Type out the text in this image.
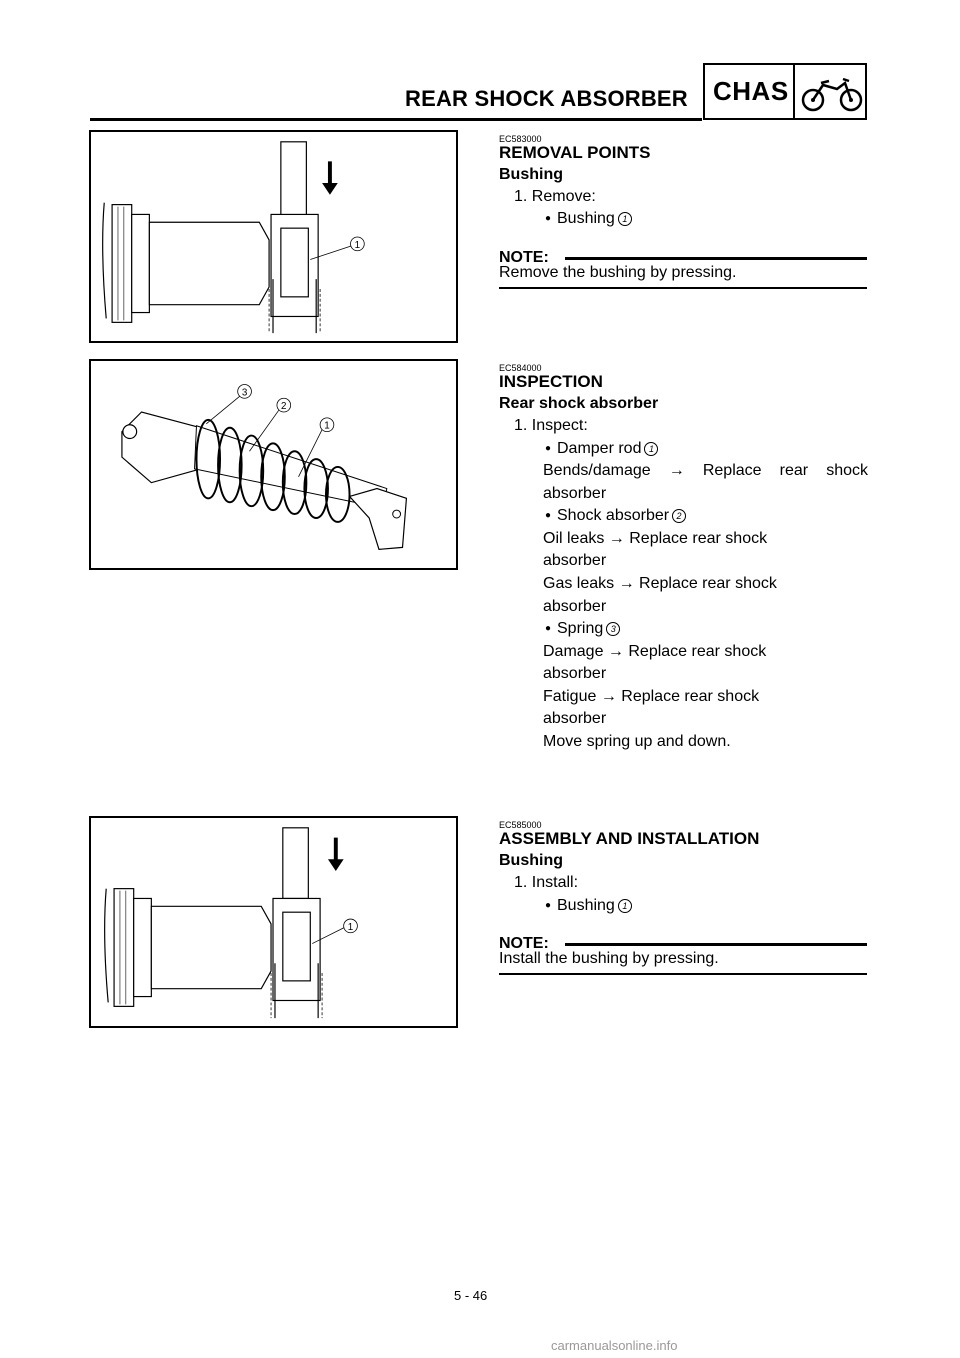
REAR SHOCK ABSORBER CHAS
1
EC583000
REMOVAL POINTS
Bushing
1. Remove:
● Bushing 1
NOTE:
Remove the bushing by pressing.
3
2
1
EC584000
INSPECTION
Rear shock absorber
1. Inspect:
● Damper rod 1
Bends/damage → Replace rear shock
absorber
● Shock absorber 2
Oil leaks → Replace rear shock
absorber
Gas leaks → Replace rear shock
absorber
● Spring 3
Damage → Replace rear shock
absorber
Fatigue → Replace rear shock
absorber
Move spring up and down.
1
EC585000
ASSEMBLY AND INSTALLATION
Bushing
1. Install:
● Bushing 1
NOTE:
Install the bushing by pressing.
5 - 46
carmanualsonline.info
